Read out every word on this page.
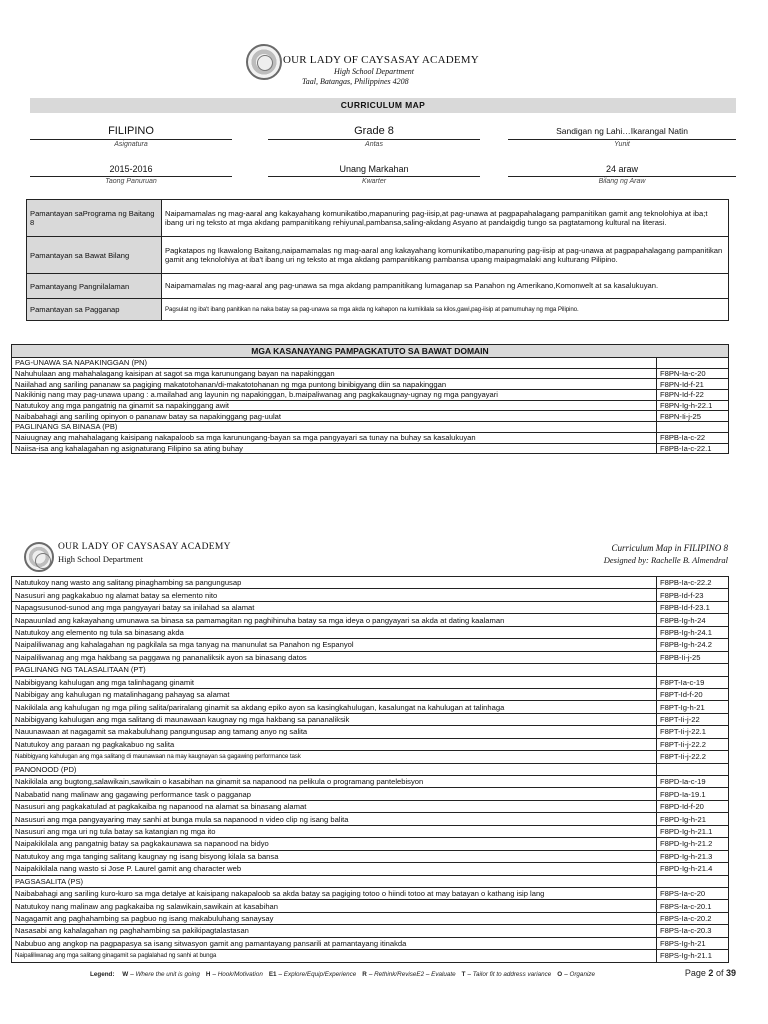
OUR LADY OF CAYSASAY ACADEMY
High School Department
Taal, Batangas, Philippines 4208
CURRICULUM MAP
FILIPINO
Asignatura
Grade 8
Antas
Sandigan ng Lahi…Ikarangal Natin
Yunit
2015-2016
Taong Panuruan
Unang Markahan
Kwarter
24 araw
Bilang ng Araw
Pamantayan saPrograma ng Baitang 8	Naipamamalas ng mag-aaral ang kakayahang komunikatibo,mapanuring pag-iisip,at pag-unawa at pagpapahalagang pampanitikan gamit ang teknolohiya at iba;t ibang uri ng teksto at mga akdang pampanitikang rehiyunal,pambansa,saling-akdang Asyano at pandaigdig tungo sa pagtatamong kultural na literasi.
Pamantayan sa Bawat Bilang	Pagkatapos ng Ikawalong Baitang,naipamamalas ng mag-aaral ang kakayahang komunikatibo,mapanuring pag-iisip at pag-unawa at pagpapahalagang pampanitikan gamit ang teknolohiya at iba't ibang uri ng teksto at mga akdang pampanitikang pambansa upang maipagmalaki ang kulturang Pilipino.
Pamantayang Pangnilalaman	Naipamamalas ng mag-aaral ang pag-unawa sa mga akdang pampanitikang lumaganap sa Panahon ng Amerikano,Komonwelt at sa kasalukuyan.
Pamantayan sa Pagganap	Pagsulat ng iba't ibang panitikan na naka batay sa pag-unawa sa mga akda ng kahapon na kumikilala sa kilos,gawi,pag-iisip at pamumuhay ng mga Pilipino.
MGA KASANAYANG PAMPAGKATUTO SA BAWAT DOMAIN	
PAG-UNAWA SA NAPAKINGGAN (PN)	
Nahuhulaan ang mahahalagang kaisipan at sagot sa mga karunungang bayan na napakinggan	F8PN-Ia-c-20
Naiilahad ang sariling pananaw sa pagiging makatotohanan/di-makatotohanan ng mga puntong binibigyang diin sa napakinggan	F8PN-Id-f-21
Nakikinig nang may pag-unawa upang : a.mailahad ang layunin ng napakinggan, b.maipaliwanag ang pagkakaugnay-ugnay ng mga pangyayari	F8PN-Id-f-22
Natutukoy ang mga pangatnig na ginamit sa napakinggang awit	F8PN-Ig-h-22.1
Naibabahagi ang sariling opinyon o pananaw batay sa napakinggang pag-uulat	F8PN-Ii-j-25
PAGLINANG SA BINASA (PB)	
Naiuugnay ang mahahalagang kaisipang nakapaloob sa mga karunungang-bayan sa mga pangyayari sa tunay na buhay sa kasalukuyan	F8PB-Ia-c-22
Naiisa-isa ang kahalagahan ng asignaturang Filipino sa ating buhay	F8PB-Ia-c-22.1
OUR LADY OF CAYSASAY ACADEMY
High School Department
Curriculum Map in FILIPINO 8
Designed by: Rachelle B. Almendral
Natutukoy nang wasto ang salitang pinaghambing sa pangungusap	F8PB-Ia-c-22.2
Nasusuri ang pagkakabuo ng alamat batay sa elemento nito	F8PB-Id-f-23
Napagsusunod-sunod ang mga pangyayari batay sa inilahad sa alamat	F8PB-Id-f-23.1
Napauunlad ang kakayahang umunawa sa binasa sa pamamagitan ng paghihinuha batay sa mga ideya o pangyayari sa akda at dating kaalaman	F8PB-Ig-h-24
Natutukoy ang elemento ng tula sa binasang akda	F8PB-Ig-h-24.1
Naipaliliwanag ang kahalagahan ng pagkilala sa mga tanyag na manunulat sa Panahon ng Espanyol	F8PB-Ig-h-24.2
Naipaliliwanag ang mga hakbang sa paggawa ng pananaliksik ayon sa binasang datos	F8PB-Ii-j-25
PAGLINANG NG TALASALITAAN (PT)	
Nabibigyang kahulugan ang mga talinhagang ginamit	F8PT-Ia-c-19
Nabibigay ang kahulugan ng matalinhagang pahayag sa alamat	F8PT-Id-f-20
Nakikilala ang kahulugan ng mga piling salita/pariralang ginamit sa akdang epiko ayon sa kasingkahulugan, kasalungat na kahulugan at talinhaga	F8PT-Ig-h-21
Nabibigyang kahulugan ang mga salitang di maunawaan kaugnay ng mga hakbang sa pananaliksik	F8PT-Ii-j-22
Nauunawaan at nagagamit sa makabuluhang pangungusap ang tamang anyo ng salita	F8PT-Ii-j-22.1
Natutukoy ang paraan ng pagkakabuo ng salita	F8PT-Ii-j-22.2
Nabibigyang kahulugan ang mga salitang di maunawaan na may kaugnayan sa gagawing performance task	F8PT-Ii-j-22.2
PANONOOD (PD)	
Nakikilala ang bugtong,salawikain,sawikain o kasabihan na ginamit sa napanood na pelikula o programang pantelebisyon	F8PD-Ia-c-19
Nababatid nang malinaw ang gagawing performance task o pagganap	F8PD-Ia-19.1
Nasusuri ang pagkakatulad at pagkakaiba ng napanood na alamat sa binasang alamat	F8PD-Id-f-20
Nasusuri ang mga pangyayaring may sanhi at bunga mula sa napanood n video clip ng isang balita	F8PD-Ig-h-21
Nasusuri ang mga uri ng tula batay sa katangian ng mga ito	F8PD-Ig-h-21.1
Naipakikilala ang pangatnig batay sa pagkakaunawa sa napanood na bidyo	F8PD-Ig-h-21.2
Natutukoy ang mga tanging salitang kaugnay ng isang bisyong kilala sa bansa	F8PD-Ig-h-21.3
Naipakikilala nang wasto si Jose P. Laurel gamit ang character web	F8PD-Ig-h-21.4
PAGSASALITA (PS)	
Naibabahagi ang sariling kuro-kuro sa mga detalye at kaisipang nakapaloob sa akda batay sa pagiging totoo o hiindi totoo at may batayan o kathang isip lang	F8PS-Ia-c-20
Natutukoy nang malinaw ang pagkakaiba ng salawikain,sawikain at kasabihan	F8PS-Ia-c-20.1
Nagagamit ang paghahambing sa pagbuo ng isang makabuluhang sanaysay	F8PS-Ia-c-20.2
Nasasabi ang kahalagahan ng paghahambing sa pakikipagtalastasan	F8PS-Ia-c-20.3
Nabubuo ang angkop na pagpapasya sa isang sitwasyon gamit ang pamantayang pansarili at pamantayang itinakda	F8PS-Ig-h-21
Naipaliliwanag ang mga salitang ginagamit sa paglalahad ng sanhi at bunga	F8PS-Ig-h-21.1
Legend: W – Where the unit is going H – Hook/Motivation E1 – Explore/Equip/Experience R – Rethink/ReviseE2 – Evaluate T – Tailor fit to address variance O – Organize	Page 2 of 39
